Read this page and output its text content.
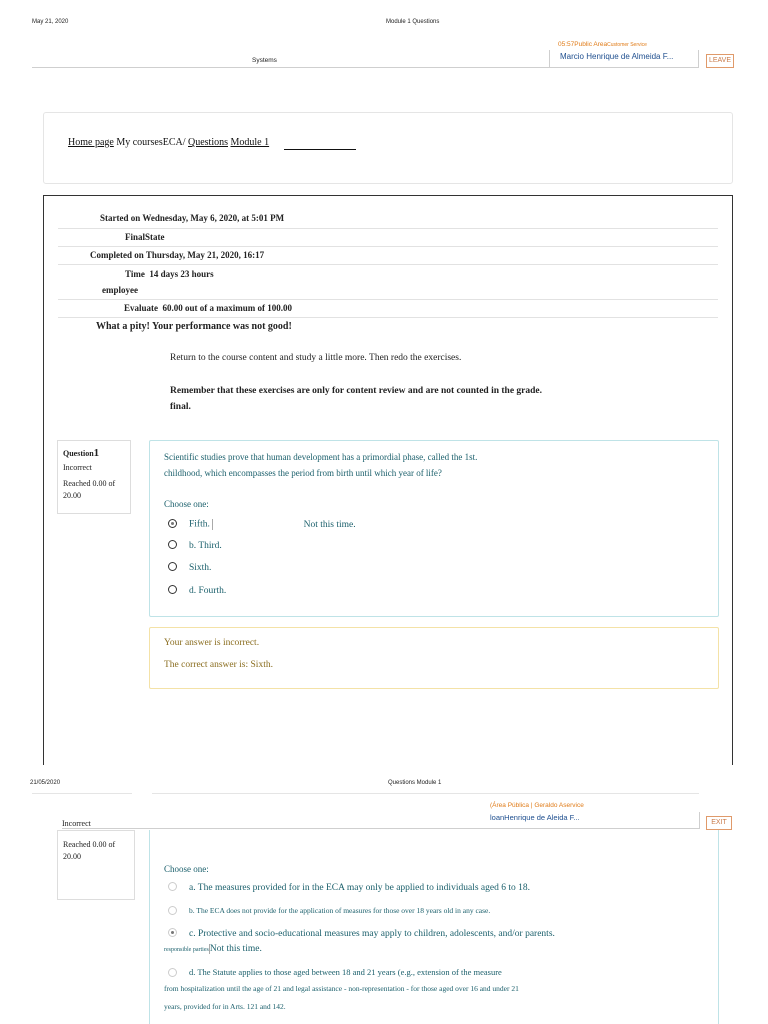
May 21, 2020	Module 1 Questions
05:57Public AreaCustomer Service
Systems	Marcio Henrique de Almeida F...	LEAVE
Home page My coursesECA/ Questions Module 1
Started on Wednesday, May 6, 2020, at 5:01 PM
FinalState
Completed on Thursday, May 21, 2020, 16:17
Time 14 days 23 hours
employee
Evaluate 60.00 out of a maximum of 100.00
What a pity! Your performance was not good!
Return to the course content and study a little more. Then redo the exercises.
Remember that these exercises are only for content review and are not counted in the grade.
final.
Question1
Incorrect
Reached 0.00 of 20.00
Scientific studies prove that human development has a primordial phase, called the 1st.
childhood, which encompasses the period from birth until which year of life?
Choose one:
Fifth.	Not this time.
b. Third.
Sixth.
d. Fourth.
Your answer is incorrect.
The correct answer is: Sixth.
21/05/2020	Questions Module 1
(Área Pública | Geraldo Aservice
loanHenrique de Aleida F...
EXIT
Incorrect
Reached 0.00 of 20.00
Choose one:
a. The measures provided for in the ECA may only be applied to individuals aged 6 to 18.
b. The ECA does not provide for the application of measures for those over 18 years old in any case.
c. Protective and socio-educational measures may apply to children, adolescents, and/or parents.
responsible partiesNot this time.
d. The Statute applies to those aged between 18 and 21 years (e.g., extension of the measure
from hospitalization until the age of 21 and legal assistance - non-representation - for those aged over 16 and under 21
years, provided for in Arts. 121 and 142.
